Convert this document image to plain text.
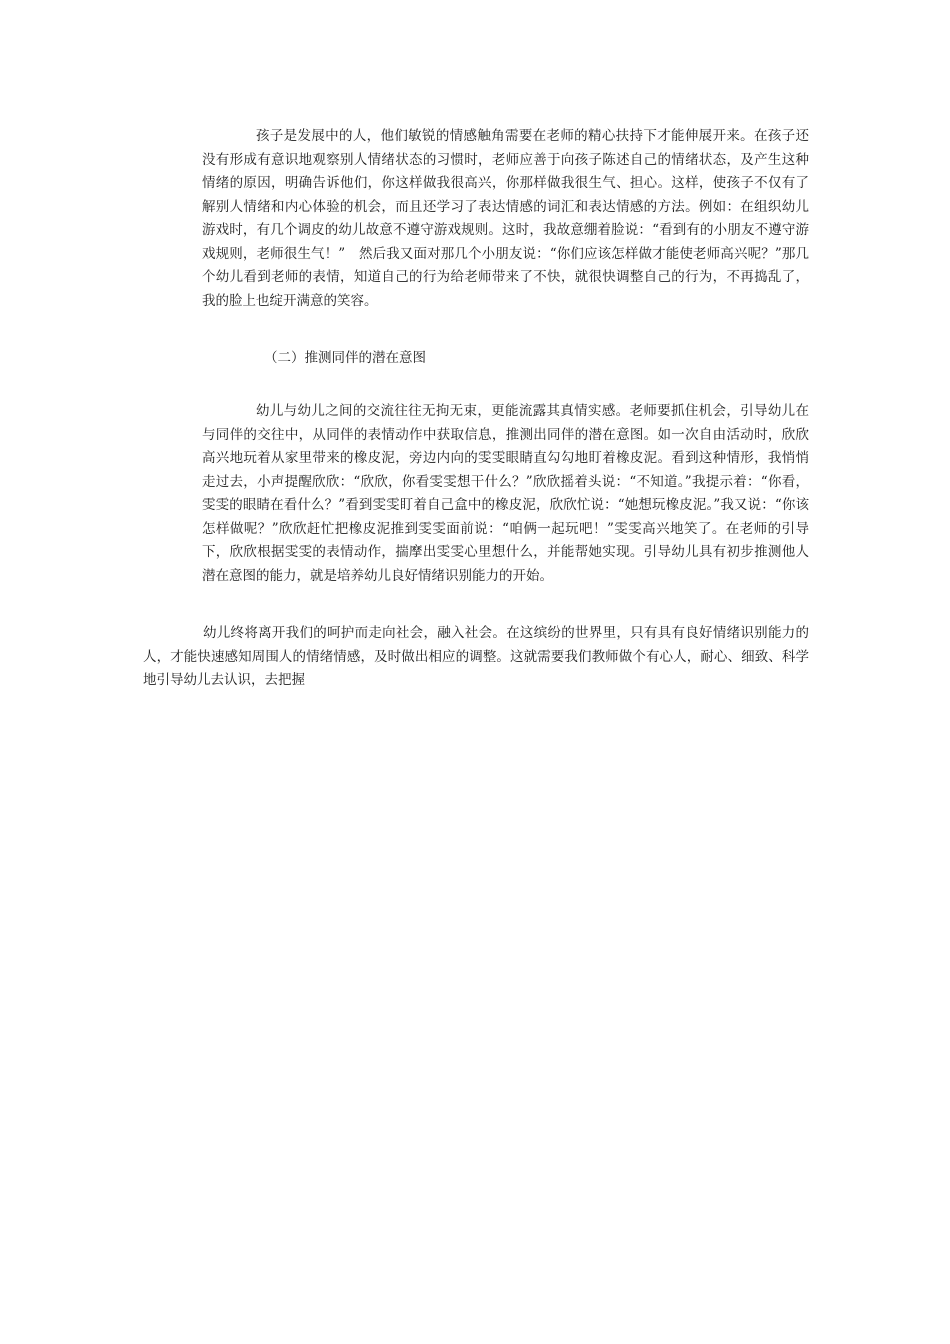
孩子是发展中的人，他们敏锐的情感触角需要在老师的精心扶持下才能伸展开来。在孩子还没有形成有意识地观察别人情绪状态的习惯时，老师应善于向孩子陈述自己的情绪状态，及产生这种情绪的原因，明确告诉他们，你这样做我很高兴，你那样做我很生气、担心。这样，使孩子不仅有了解别人情绪和内心体验的机会，而且还学习了表达情感的词汇和表达情感的方法。例如：在组织幼儿游戏时，有几个调皮的幼儿故意不遵守游戏规则。这时，我故意绷着脸说：“看到有的小朋友不遵守游戏规则，老师很生气！”　然后我又面对那几个小朋友说：“你们应该怎样做才能使老师高兴呢？”那几个幼儿看到老师的表情，知道自己的行为给老师带来了不快，就很快调整自己的行为，不再捣乱了，我的脸上也绽开满意的笑容。

（二）推测同伴的潜在意图

幼儿与幼儿之间的交流往往无拘无束，更能流露其真情实感。老师要抓住机会，引导幼儿在与同伴的交往中，从同伴的表情动作中获取信息，推测出同伴的潜在意图。如一次自由活动时，欣欣高兴地玩着从家里带来的橡皮泥，旁边内向的雯雯眼睛直勾勾地盯着橡皮泥。看到这种情形，我悄悄走过去，小声提醒欣欣：“欣欣，你看雯雯想干什么？”欣欣摇着头说：“不知道。”我提示着：“你看，雯雯的眼睛在看什么？”看到雯雯盯着自己盒中的橡皮泥，欣欣忙说：“她想玩橡皮泥。”我又说：“你该怎样做呢？”欣欣赶忙把橡皮泥推到雯雯面前说：“咱俩一起玩吧！”雯雯高兴地笑了。在老师的引导下，欣欣根据雯雯的表情动作，揣摩出雯雯心里想什么，并能帮她实现。引导幼儿具有初步推测他人潜在意图的能力，就是培养幼儿良好情绪识别能力的开始。

幼儿终将离开我们的呵护而走向社会，融入社会。在这缤纷的世界里，只有具有良好情绪识别能力的人，才能快速感知周围人的情绪情感，及时做出相应的调整。这就需要我们教师做个有心人，耐心、细致、科学地引导幼儿去认识，去把握
